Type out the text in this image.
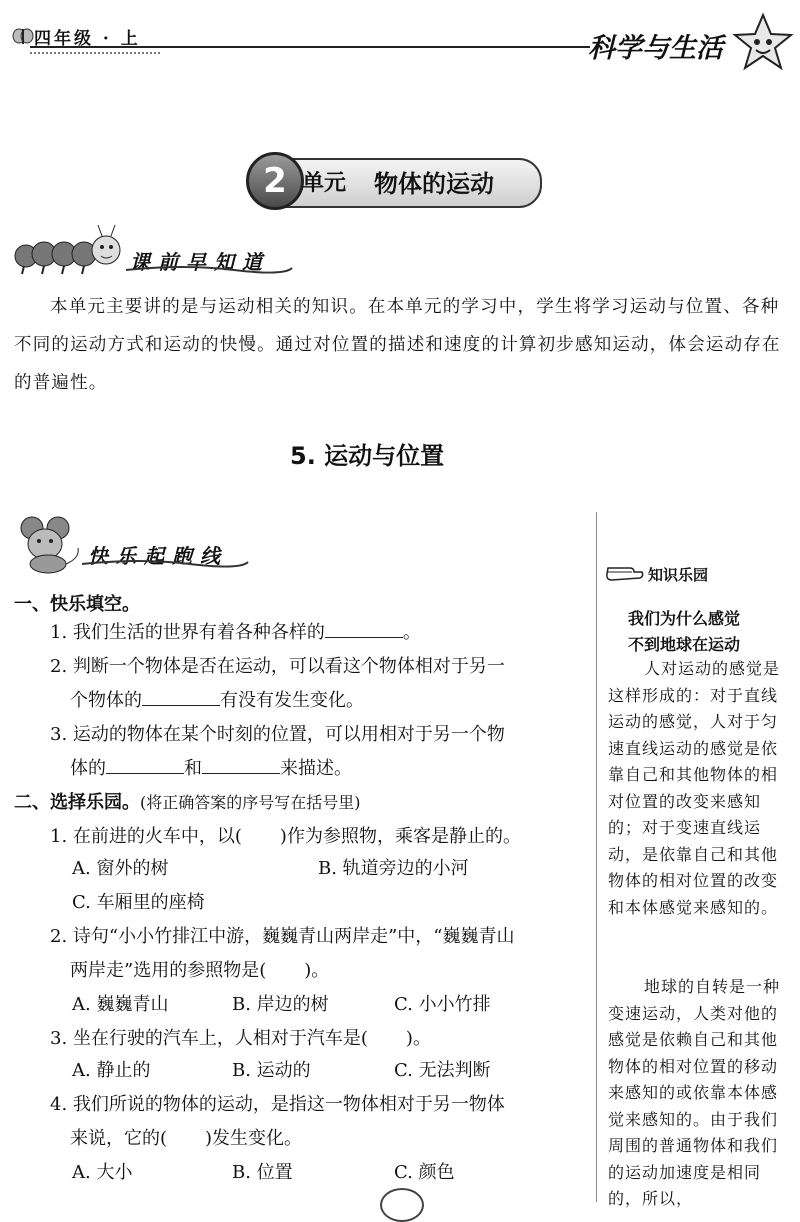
四年级 · 上	科学与生活
2 单元 物体的运动
课前早知道
本单元主要讲的是与运动相关的知识。在本单元的学习中，学生将学习运动与位置、各种不同的运动方式和运动的快慢。通过对位置的描述和速度的计算初步感知运动，体会运动存在的普遍性。
5. 运动与位置
快乐起跑线
一、快乐填空。
1. 我们生活的世界有着各种各样的	。
2. 判断一个物体是否在运动，可以看这个物体相对于另一
个物体的	有没有发生变化。
3. 运动的物体在某个时刻的位置，可以用相对于另一个物
体的	和	来描述。
二、选择乐园。(将正确答案的序号写在括号里)
1. 在前进的火车中，以( )作为参照物，乘客是静止的。
A. 窗外的树	B. 轨道旁边的小河
C. 车厢里的座椅
2. 诗句“小小竹排江中游，巍巍青山两岸走”中，“巍巍青山
两岸走”选用的参照物是( )。
A. 巍巍青山	B. 岸边的树	C. 小小竹排
3. 坐在行驶的汽车上，人相对于汽车是( )。
A. 静止的	B. 运动的	C. 无法判断
4. 我们所说的物体的运动，是指这一物体相对于另一物体
来说，它的( )发生变化。
A. 大小	B. 位置	C. 颜色
知识乐园
我们为什么感觉
不到地球在运动
人对运动的感觉是这样形成的：对于直线运动的感觉，人对于匀速直线运动的感觉是依靠自己和其他物体的相对位置的改变来感知的；对于变速直线运动，是依靠自己和其他物体的相对位置的改变和本体感觉来感知的。
地球的自转是一种变速运动，人类对他的感觉是依赖自己和其他物体的相对位置的移动来感知的或依靠本体感觉来感知的。由于我们周围的普通物体和我们的运动加速度是相同的，所以，
